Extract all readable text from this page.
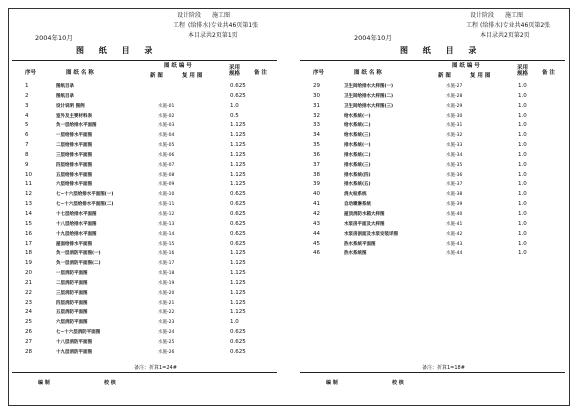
设计阶段 施工图
工程 (给排水)专业共46页第1张
本目录共2页第1页
2004年10月
图 纸 目 录
序号	图 纸 名 称
图 纸 编 号
新 图	复 用 图
采用规格	备 注
1	图纸目录	0.625
2	图纸目录	0.625
3	设计说明 图例	水施-01	1.0
4	室外及主要材料表	水施-02	0.5
5	负一层给排水平面图	水施-03	1.125
6	一层给排水平面图	水施-04	1.125
7	二层给排水平面图	水施-05	1.125
8	三层给排水平面图	水施-06	1.125
9	四层给排水平面图	水施-07	1.125
10	五层给排水平面图	水施-08	1.125
11	六层给排水平面图	水施-09	1.125
12	七~十六层给排水平面图(一)	水施-10	0.625
13	七~十六层给排水平面图(二)	水施-11	0.625
14	十七层给排水平面图	水施-12	0.625
15	十八层给排水平面图	水施-13	0.625
16	十九层给排水平面图	水施-14	0.625
17	屋面给排水平面图	水施-15	0.625
18	负一层消防平面图(一)	水施-16	1.125
19	负一层消防平面图(二)	水施-17	1.125
20	一层消防平面图	水施-18	1.125
21	二层消防平面图	水施-19	1.125
22	三层消防平面图	水施-20	1.125
23	四层消防平面图	水施-21	1.125
24	五层消防平面图	水施-22	1.125
25	六层消防平面图	水施-23	1.0
26	七~十六层消防平面图	水施-24	0.625
27	十八层消防平面图	水施-25	0.625
28	十九层消防平面图	水施-26	0.625
备注：折算1=24#
编 制	校 核
设计阶段 施工图
工程 (给排水)专业共46页第2张
本目录共2页第2页
2004年10月
图 纸 目 录
序号	图 纸 名 称
图 纸 编 号
新 图	复 用 图
采用规格	备 注
29	卫生间给排水大样图(一)	水施-27	1.0
30	卫生间给排水大样图(二)	水施-28	1.0
31	卫生间给排水大样图(三)	水施-29	1.0
32	给水系统(一)	水施-30	1.0
33	给水系统(二)	水施-31	1.0
34	给水系统(三)	水施-32	1.0
35	排水系统(一)	水施-33	1.0
36	排水系统(二)	水施-34	1.0
37	排水系统(三)	水施-35	1.0
38	排水系统(四)	水施-36	1.0
39	排水系统(五)	水施-37	1.0
40	消火栓系统	水施-38	1.0
41	自动喷淋系统	水施-39	1.0
42	屋顶消防水箱大样图	水施-40	1.0
43	水泵房平面及大样图	水施-41	1.0
44	水泵房剖面及水泵安装详图	水施-42	1.0
45	热水系统平面图	水施-43	1.0
46	热水系统图	水施-44	1.0
备注：折算1=18#
编 制	校 核
